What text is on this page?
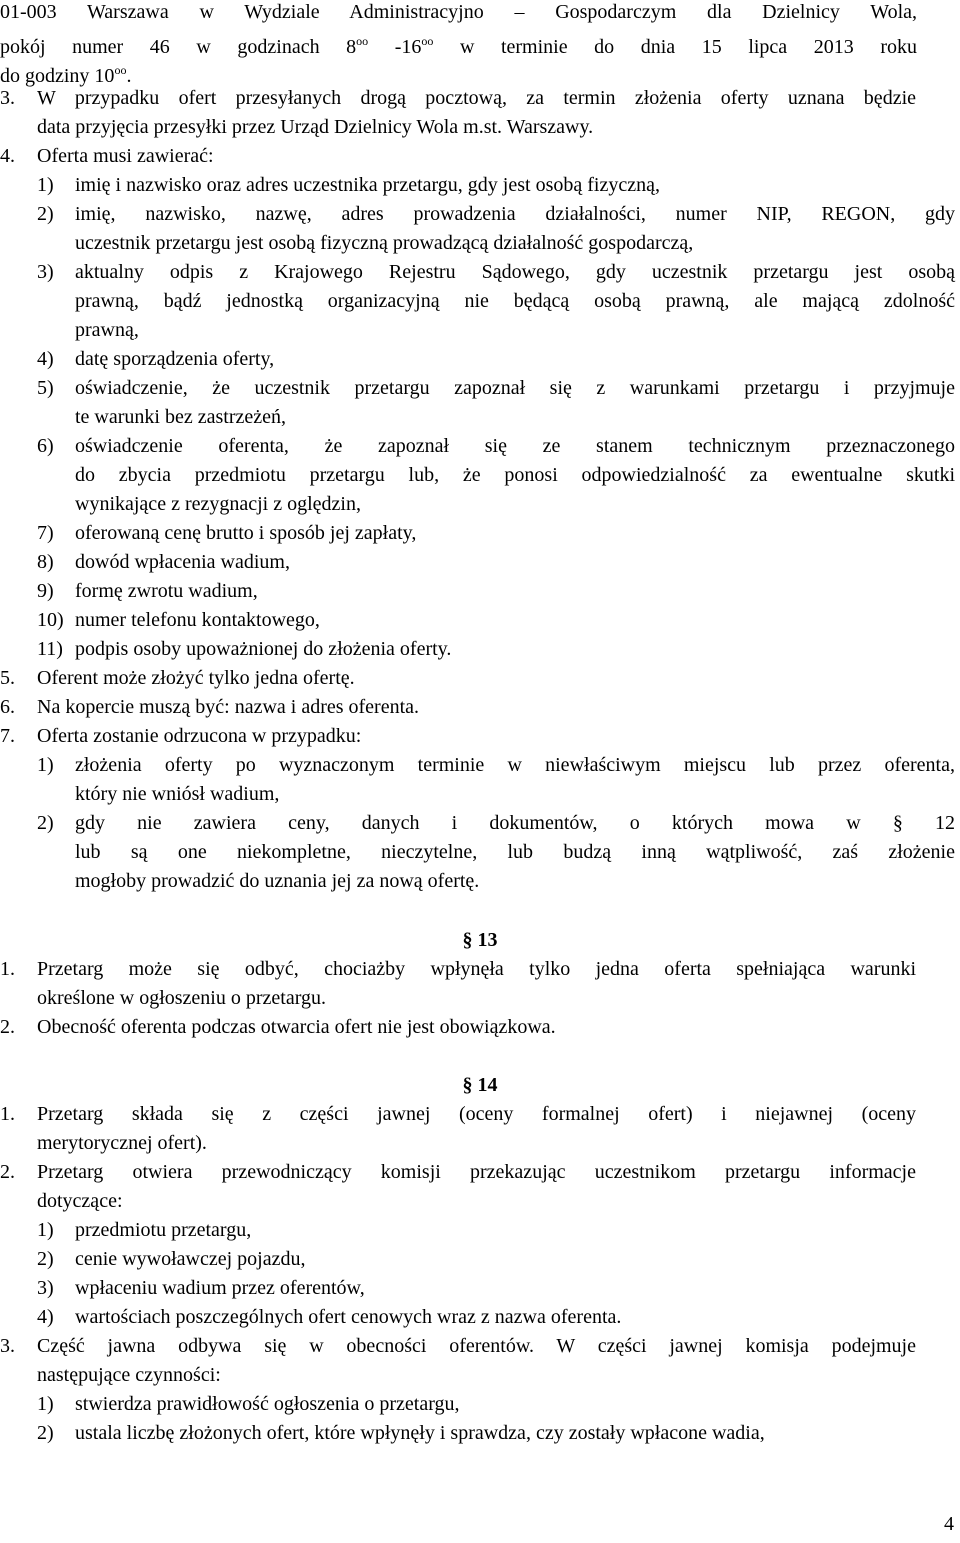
01-003 Warszawa w Wydziale Administracyjno – Gospodarczym dla Dzielnicy Wola,
pokój numer 46 w godzinach $8^{oo}$ $-16^{oo}$ w terminie do dnia 15 lipca 2013 roku
do godziny $10^{oo}$.
3. W przypadku ofert przesyłanych drogą pocztową, za termin złożenia oferty uznana będzie
data przyjęcia przesyłki przez Urząd Dzielnicy Wola m.st. Warszawy.
4. Oferta musi zawierać:
1) imię i nazwisko oraz adres uczestnika przetargu, gdy jest osobą fizyczną,
2) imię, nazwisko, nazwę, adres prowadzenia działalności, numer NIP, REGON, gdy
uczestnik przetargu jest osobą fizyczną prowadzącą działalność gospodarczą,
3) aktualny odpis z Krajowego Rejestru Sądowego, gdy uczestnik przetargu jest osobą
prawną, bądź jednostką organizacyjną nie będącą osobą prawną, ale mającą zdolność
prawną,
4) datę sporządzenia oferty,
5) oświadczenie, że uczestnik przetargu zapoznał się z warunkami przetargu i przyjmuje
te warunki bez zastrzeżeń,
6) oświadczenie oferenta, że zapoznał się ze stanem technicznym przeznaczonego
do zbycia przedmiotu przetargu lub, że ponosi odpowiedzialność za ewentualne skutki
wynikające z rezygnacji z oględzin,
7) oferowaną cenę brutto i sposób jej zapłaty,
8) dowód wpłacenia wadium,
9) formę zwrotu wadium,
10) numer telefonu kontaktowego,
11) podpis osoby upoważnionej do złożenia oferty.
5. Oferent może złożyć tylko jedna ofertę.
6. Na kopercie muszą być: nazwa i adres oferenta.
7. Oferta zostanie odrzucona w przypadku:
1) złożenia oferty po wyznaczonym terminie w niewłaściwym miejscu lub przez oferenta,
który nie wniósł wadium,
2) gdy nie zawiera ceny, danych i dokumentów, o których mowa w § 12
lub są one niekompletne, nieczytelne, lub budzą inną wątpliwość, zaś złożenie
mogłoby prowadzić do uznania jej za nową ofertę.
§ 13
1. Przetarg może się odbyć, chociażby wpłynęła tylko jedna oferta spełniająca warunki
określone w ogłoszeniu o przetargu.
2. Obecność oferenta podczas otwarcia ofert nie jest obowiązkowa.
§ 14
1. Przetarg składa się z części jawnej (oceny formalnej ofert) i niejawnej (oceny
merytorycznej ofert).
2. Przetarg otwiera przewodniczący komisji przekazując uczestnikom przetargu informacje
dotyczące:
1) przedmiotu przetargu,
2) cenie wywoławczej pojazdu,
3) wpłaceniu wadium przez oferentów,
4) wartościach poszczególnych ofert cenowych wraz z nazwa oferenta.
3. Część jawna odbywa się w obecności oferentów. W części jawnej komisja podejmuje
następujące czynności:
1) stwierdza prawidłowość ogłoszenia o przetargu,
2) ustala liczbę złożonych ofert, które wpłynęły i sprawdza, czy zostały wpłacone wadia,
4
